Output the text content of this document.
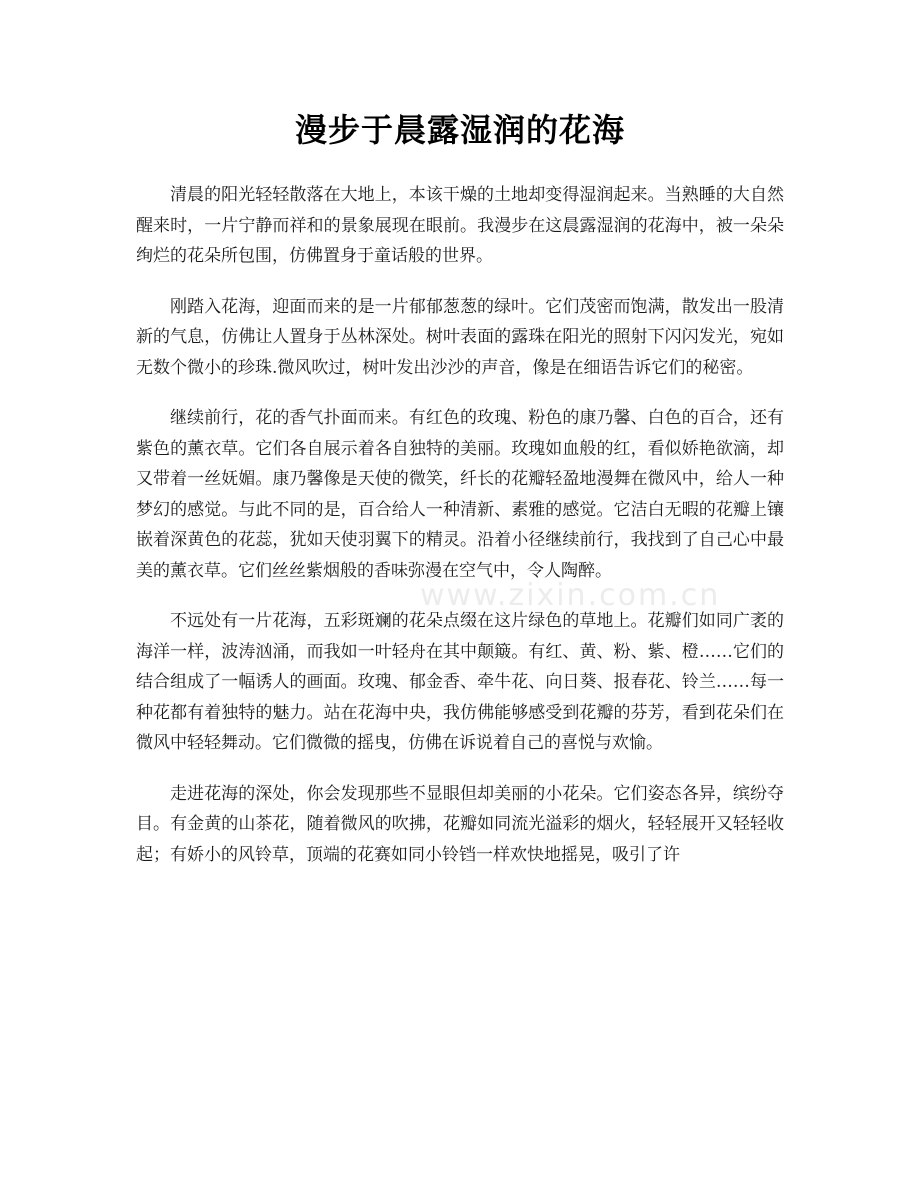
www.zixin.com.cn
漫步于晨露湿润的花海

清晨的阳光轻轻散落在大地上，本该干燥的土地却变得湿润起来。当熟睡的大自然醒来时，一片宁静而祥和的景象展现在眼前。我漫步在这晨露湿润的花海中，被一朵朵绚烂的花朵所包围，仿佛置身于童话般的世界。

刚踏入花海，迎面而来的是一片郁郁葱葱的绿叶。它们茂密而饱满，散发出一股清新的气息，仿佛让人置身于丛林深处。树叶表面的露珠在阳光的照射下闪闪发光，宛如无数个微小的珍珠.微风吹过，树叶发出沙沙的声音，像是在细语告诉它们的秘密。

继续前行，花的香气扑面而来。有红色的玫瑰、粉色的康乃馨、白色的百合，还有紫色的薰衣草。它们各自展示着各自独特的美丽。玫瑰如血般的红，看似娇艳欲滴，却又带着一丝妩媚。康乃馨像是天使的微笑，纤长的花瓣轻盈地漫舞在微风中，给人一种梦幻的感觉。与此不同的是，百合给人一种清新、素雅的感觉。它洁白无暇的花瓣上镶嵌着深黄色的花蕊，犹如天使羽翼下的精灵。沿着小径继续前行，我找到了自己心中最美的薰衣草。它们丝丝紫烟般的香味弥漫在空气中，令人陶醉。

不远处有一片花海，五彩斑斓的花朵点缀在这片绿色的草地上。花瓣们如同广袤的海洋一样，波涛汹涌，而我如一叶轻舟在其中颠簸。有红、黄、粉、紫、橙……它们的结合组成了一幅诱人的画面。玫瑰、郁金香、牵牛花、向日葵、报春花、铃兰……每一种花都有着独特的魅力。站在花海中央，我仿佛能够感受到花瓣的芬芳，看到花朵们在微风中轻轻舞动。它们微微的摇曳，仿佛在诉说着自己的喜悦与欢愉。

走进花海的深处，你会发现那些不显眼但却美丽的小花朵。它们姿态各异，缤纷夺目。有金黄的山茶花，随着微风的吹拂，花瓣如同流光溢彩的烟火，轻轻展开又轻轻收起；有娇小的风铃草，顶端的花赛如同小铃铛一样欢快地摇晃，吸引了许
